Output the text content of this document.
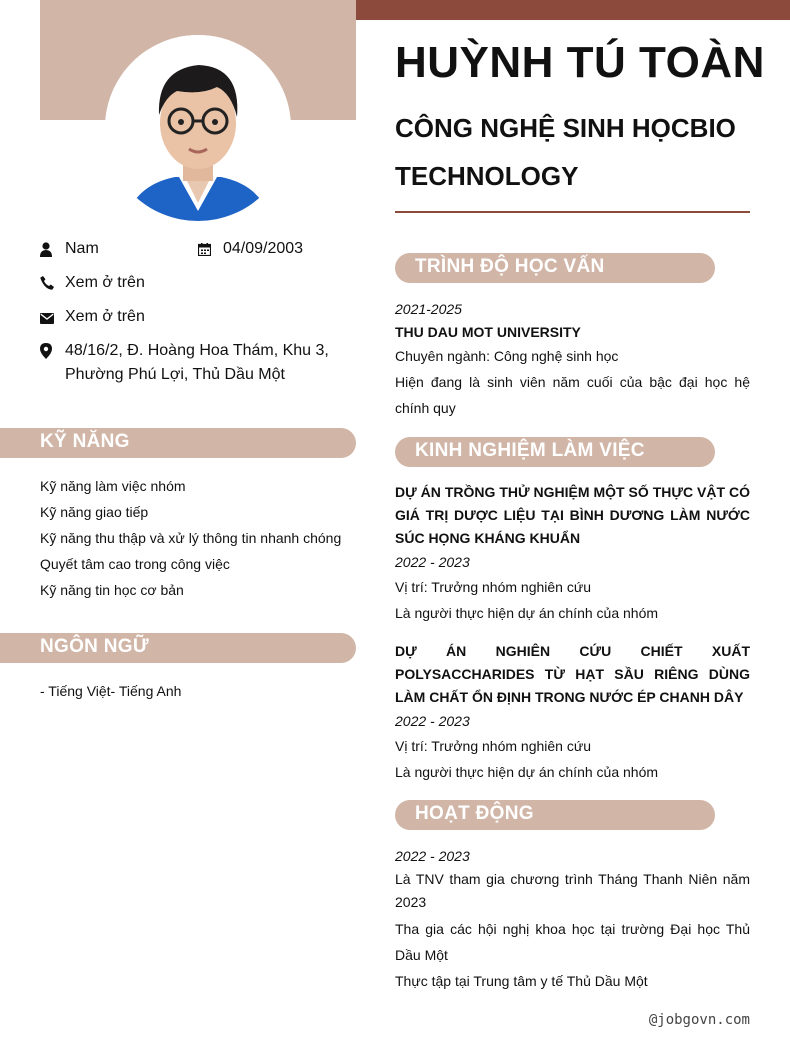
Nam	04/09/2003
Xem ở trên
Xem ở trên
48/16/2, Đ. Hoàng Hoa Thám, Khu 3, Phường Phú Lợi, Thủ Dầu Một
KỸ NĂNG
Kỹ năng làm việc nhóm
Kỹ năng giao tiếp
Kỹ năng thu thập và xử lý thông tin nhanh chóng
Quyết tâm cao trong công việc
Kỹ năng tin học cơ bản
NGÔN NGỮ
- Tiếng Việt- Tiếng Anh
HUỲNH TÚ TOÀN
CÔNG NGHỆ SINH HỌCBIOTECHNOLOGY
TRÌNH ĐỘ HỌC VẤN
2021-2025
THU DAU MOT UNIVERSITY
Chuyên ngành: Công nghệ sinh học
Hiện đang là sinh viên năm cuối của bậc đại học hệ chính quy
KINH NGHIỆM LÀM VIỆC
DỰ ÁN TRỒNG THỬ NGHIỆM MỘT SỐ THỰC VẬT CÓ GIÁ TRỊ DƯỢC LIỆU TẠI BÌNH DƯƠNG LÀM NƯỚC SÚC HỌNG KHÁNG KHUẨN
2022 - 2023
Vị trí: Trưởng nhóm nghiên cứu
Là người thực hiện dự án chính của nhóm
DỰ ÁN NGHIÊN CỨU CHIẾT XUẤT POLYSACCHARIDES TỪ HẠT SẦU RIÊNG DÙNG LÀM CHẤT ỔN ĐỊNH TRONG NƯỚC ÉP CHANH DÂY
2022 - 2023
Vị trí: Trưởng nhóm nghiên cứu
Là người thực hiện dự án chính của nhóm
HOẠT ĐỘNG
2022 - 2023
Là TNV tham gia chương trình Tháng Thanh Niên năm 2023
Tha gia các hội nghị khoa học tại trường Đại học Thủ Dầu Một
Thực tập tại Trung tâm y tế Thủ Dầu Một
@jobgovn.com
